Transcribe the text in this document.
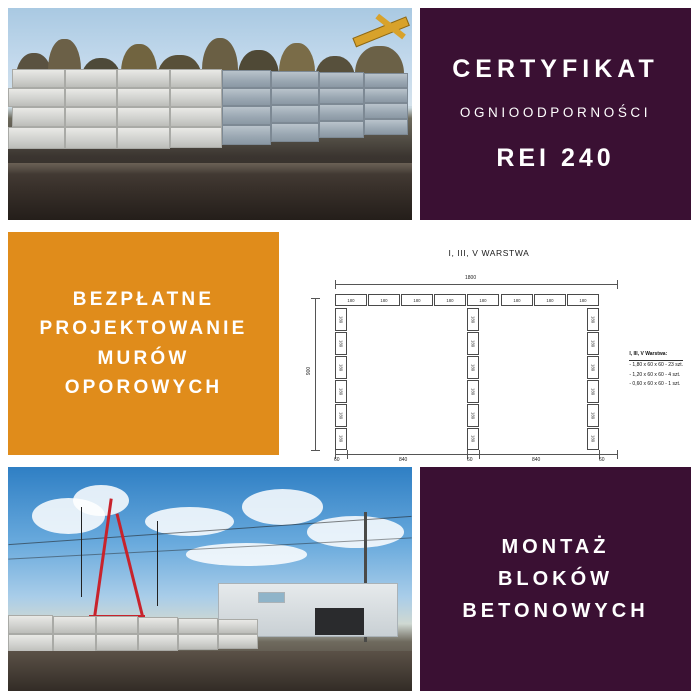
CERTYFIKAT
OGNIOODPORNOŚCI
REI 240
BEZPŁATNE
PROJEKTOWANIE
MURÓW
OPOROWYCH
I, III, V WARSTWA
1800
900
180	180	180	180	180	180	180	180
180
180
180
180
180
180
180
180
180
180
180
180
180
180
180
180
180
180
60	840	60	840	60
I, III, V Warstwa:
- 1,80 x 60 x 60 - 23 szt.
- 1,20 x 60 x 60 - 4 szt.
- 0,60 x 60 x 60 - 1 szt.
MONTAŻ
BLOKÓW
BETONOWYCH
